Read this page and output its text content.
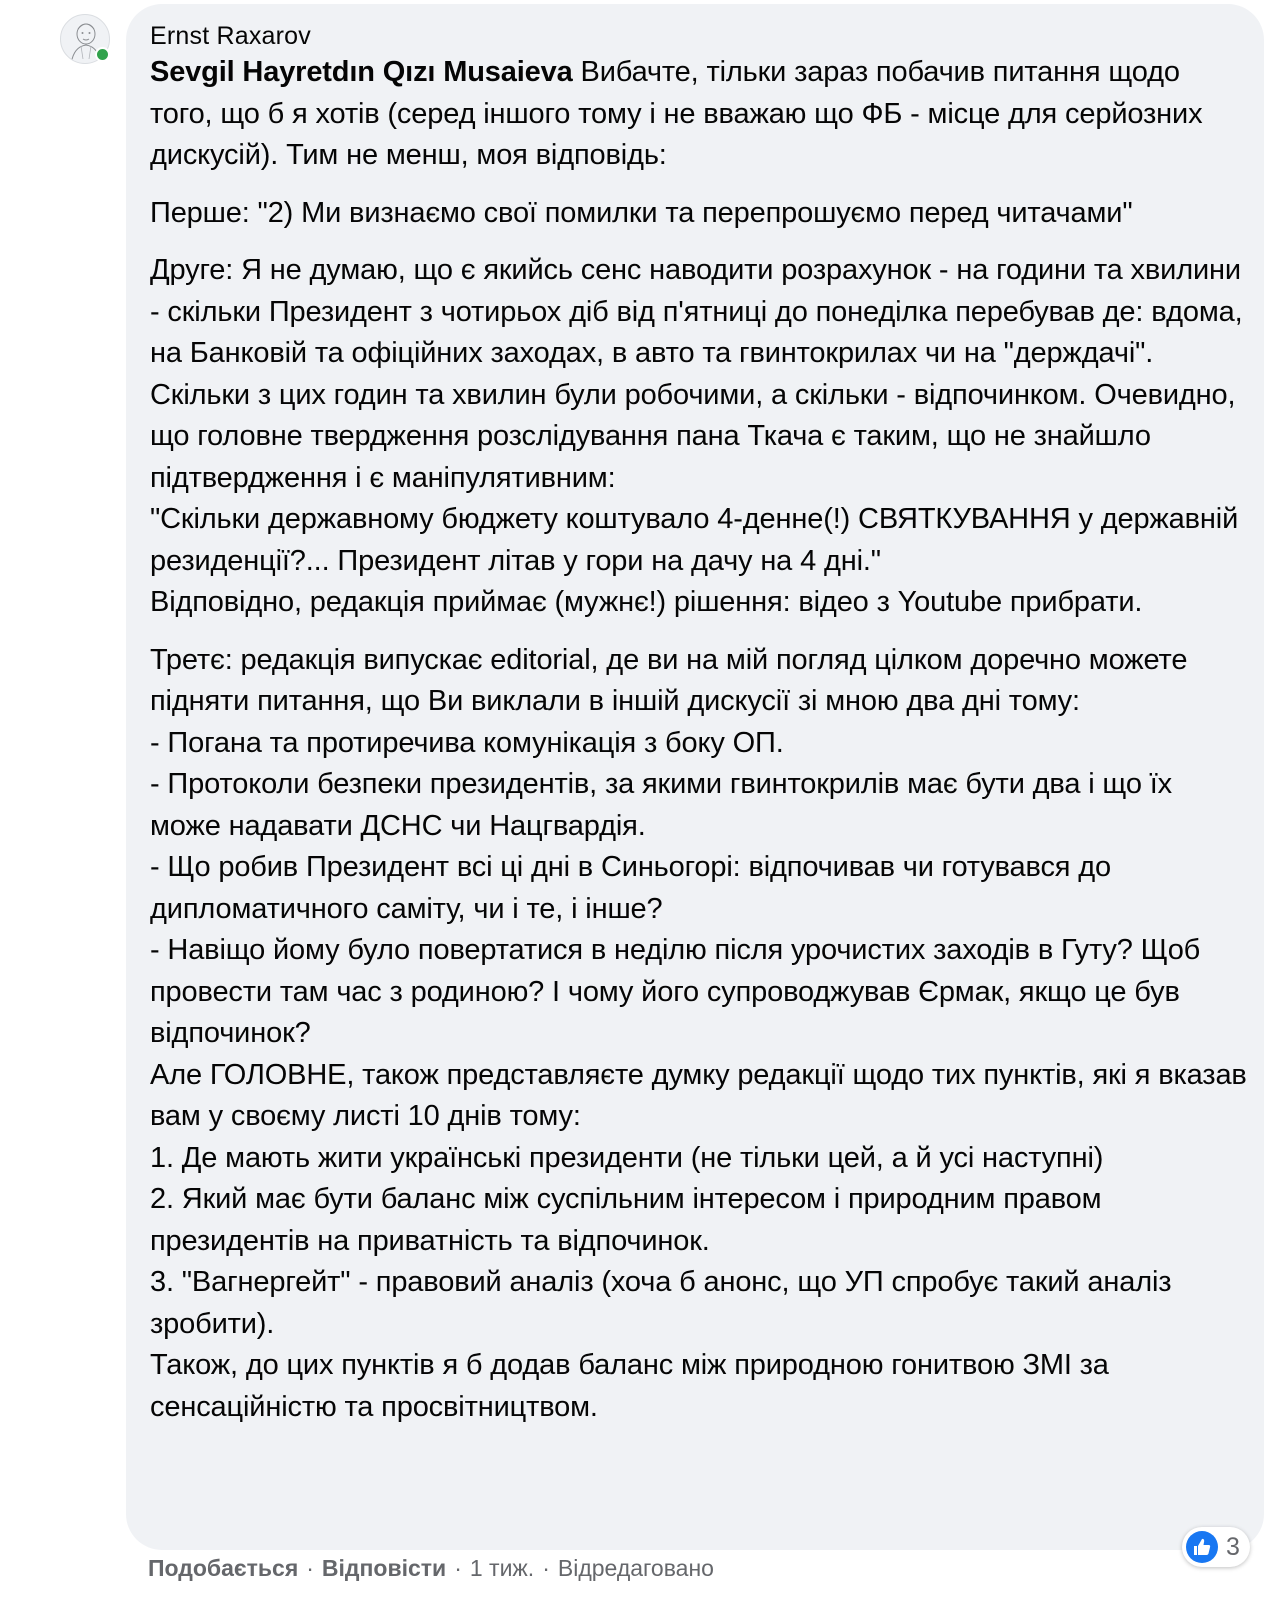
Ernst Raxarov

Sevgil Hayretdın Qızı Musaieva Вибачте, тільки зараз побачив питання щодо того, що б я хотів (серед іншого тому і не вважаю що ФБ - місце для серйозних дискусій). Тим не менш, моя відповідь:

Перше: "2) Ми визнаємо свої помилки та перепрошуємо перед читачами"

Друге: Я не думаю, що є якийсь сенс наводити розрахунок - на години та хвилини - скільки Президент з чотирьох діб від п'ятниці до понеділка перебував де: вдома, на Банковій та офіційних заходах, в авто та гвинтокрилах чи на "держдачі". Скільки з цих годин та хвилин були робочими, а скільки - відпочинком. Очевидно, що головне твердження розслідування пана Ткача є таким, що не знайшло підтвердження і є маніпулятивним:
"Скільки державному бюджету коштувало 4-денне(!) СВЯТКУВАННЯ у державній резиденції?... Президент літав у гори на дачу на 4 дні."
Відповідно, редакція приймає (мужнє!) рішення: відео з Youtube прибрати.

Третє: редакція випускає editorial, де ви на мій погляд цілком доречно можете підняти питання, що Ви виклали в іншій дискусії зі мною два дні тому:
- Погана та протиречива комунікація з боку ОП.
- Протоколи безпеки президентів, за якими гвинтокрилів має бути два і що їх може надавати ДСНС чи Нацгвардія.
- Що робив Президент всі ці дні в Синьогорі: відпочивав чи готувався до дипломатичного саміту, чи і те, і інше?
- Навіщо йому було повертатися в неділю після урочистих заходів в Гуту? Щоб провести там час з родиною? І чому його супроводжував Єрмак, якщо це був відпочинок?
Але ГОЛОВНЕ, також представляєте думку редакції щодо тих пунктів, які я вказав вам у своєму листі 10 днів тому:
1. Де мають жити українські президенти (не тільки цей, а й усі наступні)
2. Який має бути баланс між суспільним інтересом і природним правом президентів на приватність та відпочинок.
3. "Вагнергейт" - правовий аналіз (хоча б анонс, що УП спробує такий аналіз зробити).
Також, до цих пунктів я б додав баланс між природною гонитвою ЗМІ за сенсаційністю та просвітництвом.

3
Подобається · Відповісти · 1 тиж. · Відредаговано
